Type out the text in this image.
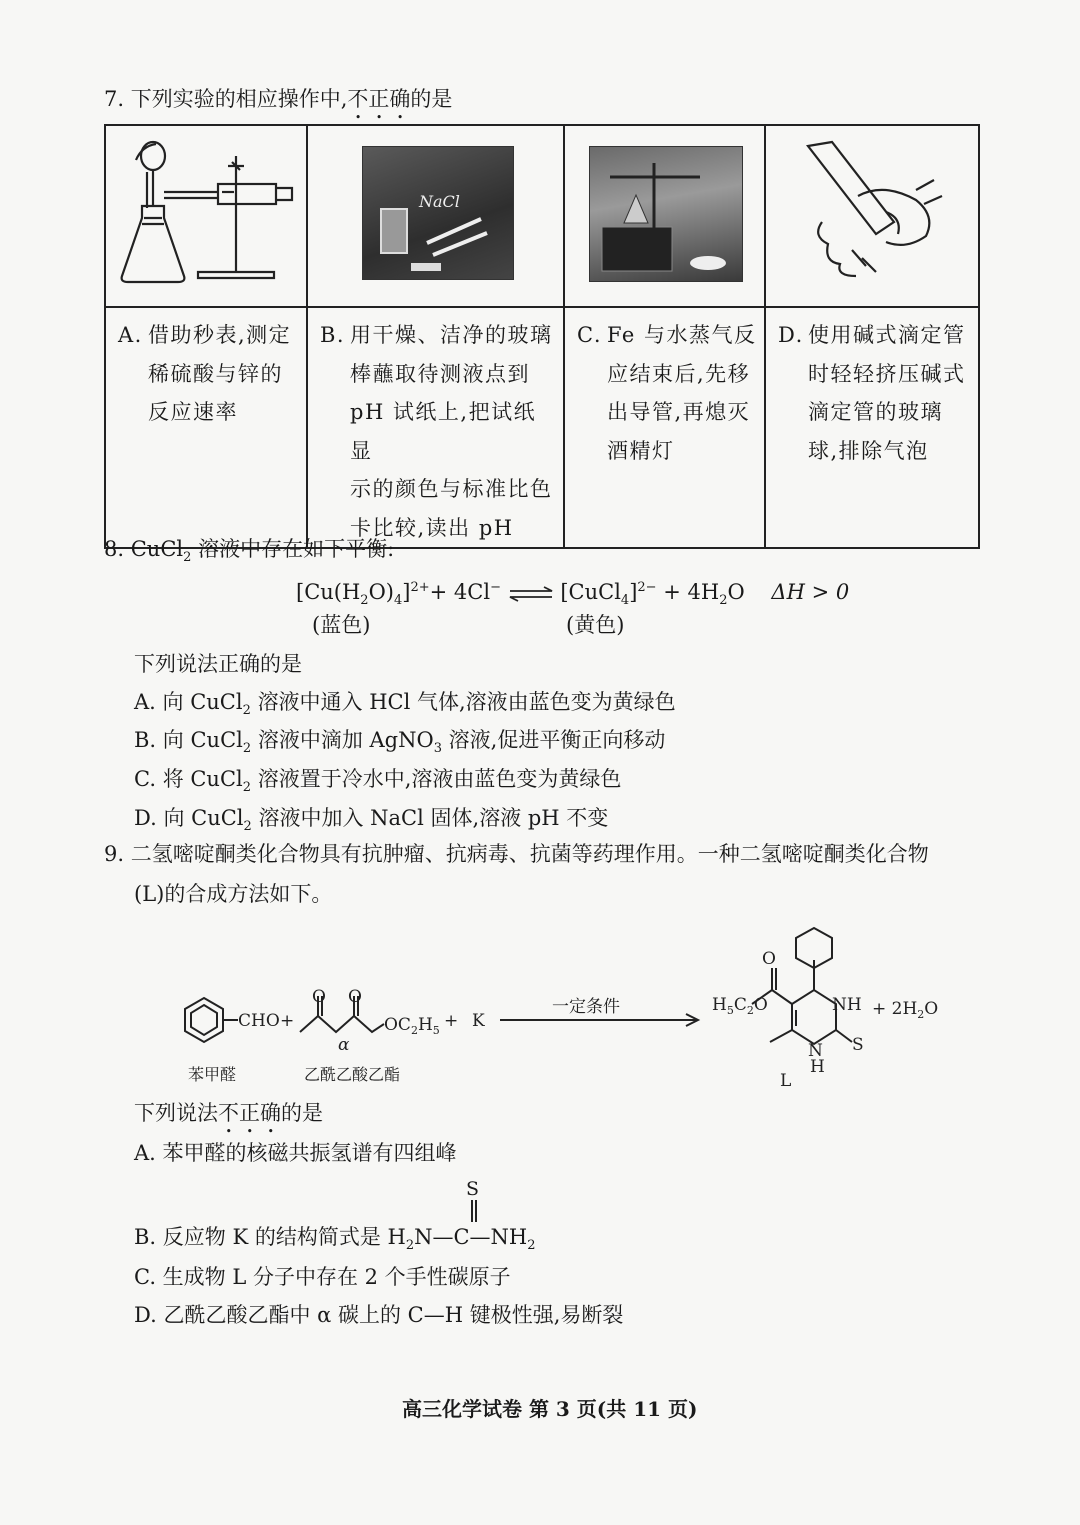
7. 下列实验的相应操作中,不正确的是

NaCl

A. 借助秒表,测定
稀硫酸与锌的
反应速率	B. 用干燥、洁净的玻璃
棒蘸取待测液点到
pH 试纸上,把试纸显
示的颜色与标准比色
卡比较,读出 pH	C. Fe 与水蒸气反
应结束后,先移
出导管,再熄灭
酒精灯	D. 使用碱式滴定管
时轻轻挤压碱式
滴定管的玻璃
球,排除气泡
8. CuCl$_2$ 溶液中存在如下平衡:
$[Cu(H_2O)_4]^{2+}+ 4Cl^-$ ⇌ [CuCl$_4$]$^{2-}$ + $4H_2O$    ΔH > 0
(蓝色)	(黄色)
下列说法正确的是
A. 向 CuCl$_2$ 溶液中通入 HCl 气体,溶液由蓝色变为黄绿色
B. 向 CuCl$_2$ 溶液中滴加 AgNO$_3$ 溶液,促进平衡正向移动
C. 将 CuCl$_2$ 溶液置于冷水中,溶液由蓝色变为黄绿色
D. 向 CuCl$_2$ 溶液中加入 NaCl 固体,溶液 pH 不变
9. 二氢嘧啶酮类化合物具有抗肿瘤、抗病毒、抗菌等药理作用。一种二氢嘧啶酮类化合物
(L)的合成方法如下。
CHO +
O O
α
$OC_2H_5 + K$
一定条件
O
$H_5C_2O$	NH
N
H
S
+ $2H_2O$
L
苯甲醛	乙酰乙酸乙酯
下列说法不正确的是
A. 苯甲醛的核磁共振氢谱有四组峰
S
B. 反应物 K 的结构简式是 $H_2N—C—NH_2$
C. 生成物 L 分子中存在 2 个手性碳原子
D. 乙酰乙酸乙酯中 α 碳上的 C—H 键极性强,易断裂
高三化学试卷 第 3 页(共 11 页)
